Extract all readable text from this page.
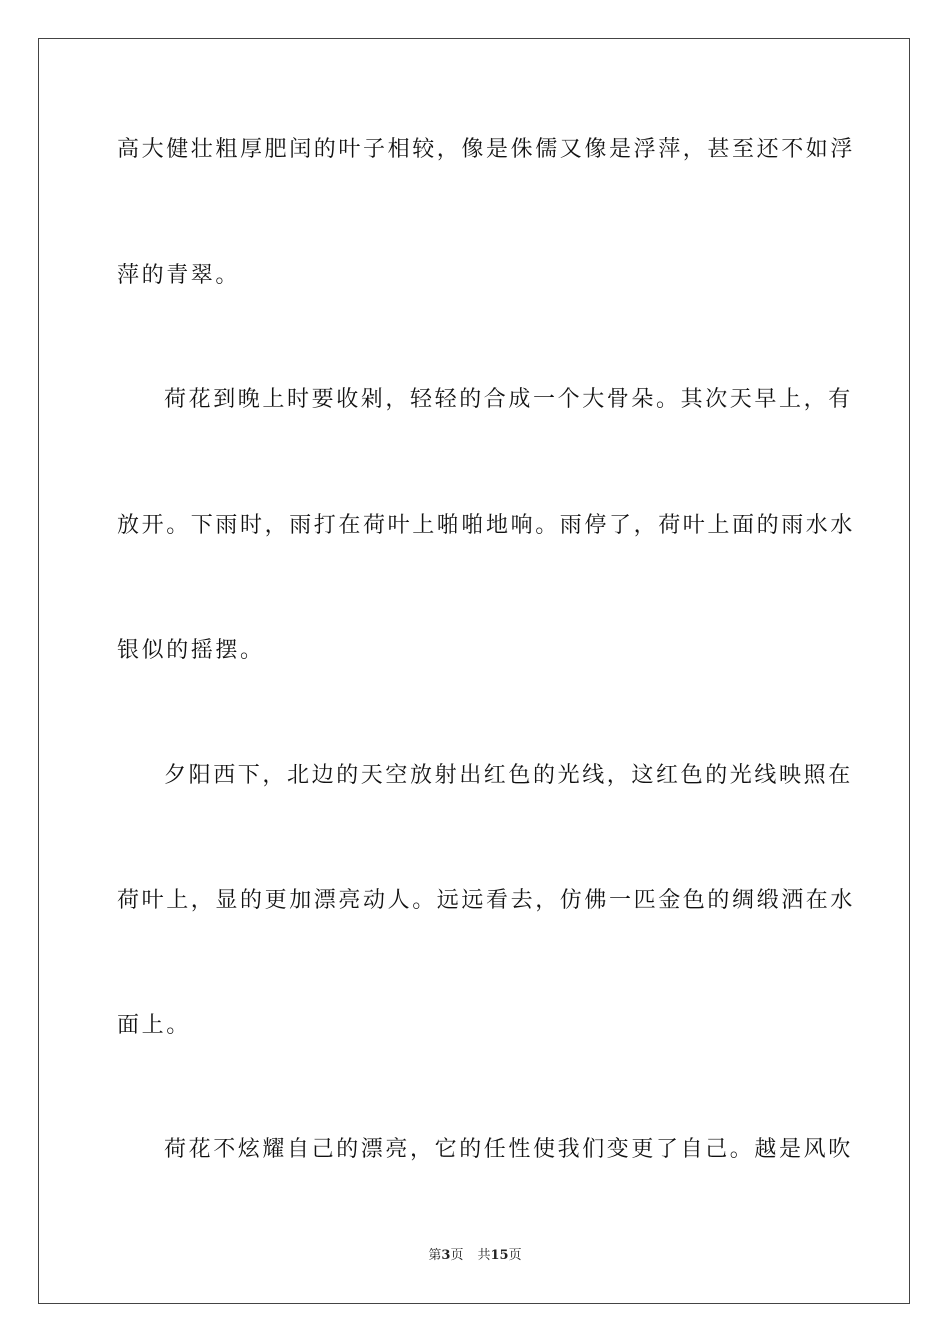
高大健壮粗厚肥闰的叶子相较，像是侏儒又像是浮萍，甚至还不如浮
萍的青翠。
荷花到晚上时要收剁，轻轻的合成一个大骨朵。其次天早上，有
放开。下雨时，雨打在荷叶上啪啪地响。雨停了，荷叶上面的雨水水
银似的摇摆。
夕阳西下，北边的天空放射出红色的光线，这红色的光线映照在
荷叶上，显的更加漂亮动人。远远看去，仿佛一匹金色的绸缎洒在水
面上。
荷花不炫耀自己的漂亮，它的任性使我们变更了自己。越是风吹
第3页 共15页
